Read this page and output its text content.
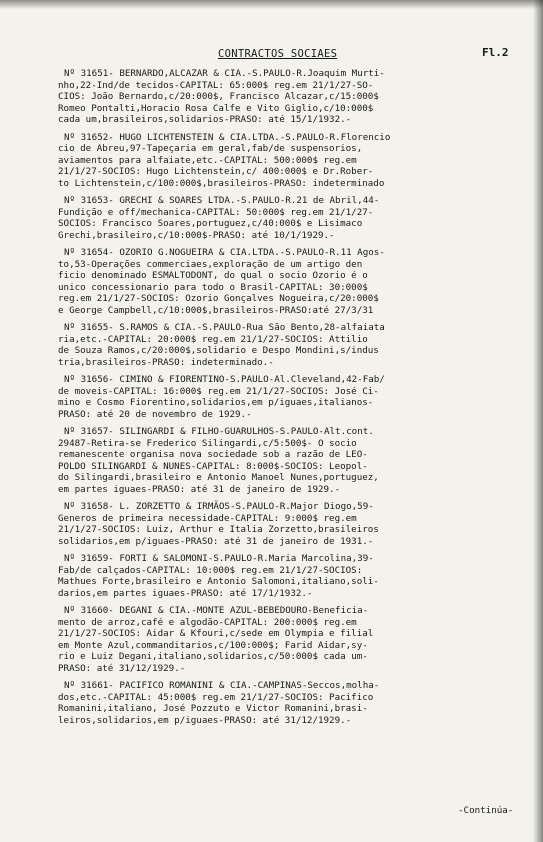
CONTRACTOS SOCIAES	Fl.2
Nº 31651- BERNARDO,ALCAZAR & CIA.-S.PAULO-R.Joaquim Murti-
nho,22-Ind/de tecidos-CAPITAL: 65:000$ reg.em 21/1/27-SO-
CIOS: João Bernardo,c/20:000$, Francisco Alcazar,c/15:000$
Romeo Pontalti,Horacio Rosa Calfe e Vito Giglio,c/10:000$
cada um,brasileiros,solidarios-PRASO: até 15/1/1932.-
Nº 31652- HUGO LICHTENSTEIN & CIA.LTDA.-S.PAULO-R.Florencio
cio de Abreu,97-Tapeçaria em geral,fab/de suspensorios,
aviamentos para alfaiate,etc.-CAPITAL: 500:000$ reg.em
21/1/27-SOCIOS: Hugo Lichtenstein,c/ 400:000$ e Dr.Rober-
to Lichtenstein,c/100:000$,brasileiros-PRASO: indeterminado
Nº 31653- GRECHI & SOARES LTDA.-S.PAULO-R.21 de Abril,44-
Fundição e off/mechanica-CAPITAL: 50:000$ reg.em 21/1/27-
SOCIOS: Francisco Soares,portuguez,c/40:000$ e Lisimaco
Grechi,brasileiro,c/10:000$-PRASO: até 10/1/1929.-
Nº 31654- OZORIO G.NOGUEIRA & CIA.LTDA.-S.PAULO-R.11 Agos-
to,53-Operações commerciaes,exploração de um artigo den
ficio denominado ESMALTODONT, do qual o socio Ozorio é o
unico concessionario para todo o Brasil-CAPITAL: 30:000$
reg.em 21/1/27-SOCIOS: Ozorio Gonçalves Nogueira,c/20:000$
e George Campbell,c/10:000$,brasileiros-PRASO:até 27/3/31
Nº 31655- S.RAMOS & CIA.-S.PAULO-Rua São Bento,28-alfaiata
ria,etc.-CAPITAL: 20:000$ reg.em 21/1/27-SOCIOS: Attilio
de Souza Ramos,c/20:000$,solidario e Despo Mondini,s/indus
tria,brasileiros-PRASO: indeterminado.-
Nº 31656- CIMINO & FIORENTINO-S.PAULO-Al.Cleveland,42-Fab/
de moveis-CAPITAL: 16:000$ reg.em 21/1/27-SOCIOS: José Ci-
mino e Cosmo Fiorentino,solidarios,em p/iguaes,italianos-
PRASO: até 20 de novembro de 1929.-
Nº 31657- SILINGARDI & FILHO-GUARULHOS-S.PAULO-Alt.cont.
29487-Retira-se Frederico Silingardi,c/5:500$- O socio
remanescente organisa nova sociedade sob a razão de LEO-
POLDO SILINGARDI & NUNES-CAPITAL: 8:000$-SOCIOS: Leopol-
do Silingardi,brasileiro e Antonio Manoel Nunes,portuguez,
em partes iguaes-PRASO: até 31 de janeiro de 1929.-
Nº 31658- L. ZORZETTO & IRMÃOS-S.PAULO-R.Major Diogo,59-
Generos de primeira necessidade-CAPITAL: 9:000$ reg.em
21/1/27-SOCIOS: Luiz, Arthur e Italia Zorzetto,brasileiros
solidarios,em p/iguaes-PRASO: até 31 de janeiro de 1931.-
Nº 31659- FORTI & SALOMONI-S.PAULO-R.Maria Marcolina,39-
Fab/de calçados-CAPITAL: 10:000$ reg.em 21/1/27-SOCIOS:
Mathues Forte,brasileiro e Antonio Salomoni,italiano,soli-
darios,em partes iguaes-PRASO: até 17/1/1932.-
Nº 31660- DEGANI & CIA.-MONTE AZUL-BEBEDOURO-Beneficia-
mento de arroz,café e algodão-CAPITAL: 200:000$ reg.em
21/1/27-SOCIOS: Aidar & Kfouri,c/sede em Olympia e filial
em Monte Azul,commanditarios,c/100:000$; Farid Aidar,sy-
rio e Luiz Degani,italiano,solidarios,c/50:000$ cada um-
PRASO: até 31/12/1929.-
Nº 31661- PACIFICO ROMANINI & CIA.-CAMPINAS-Seccos,molha-
dos,etc.-CAPITAL: 45:000$ reg.em 21/1/27-SOCIOS: Pacifico
Romanini,italiano, José Pozzuto e Victor Romanini,brasi-
leiros,solidarios,em p/iguaes-PRASO: até 31/12/1929.-
-Continúa-
